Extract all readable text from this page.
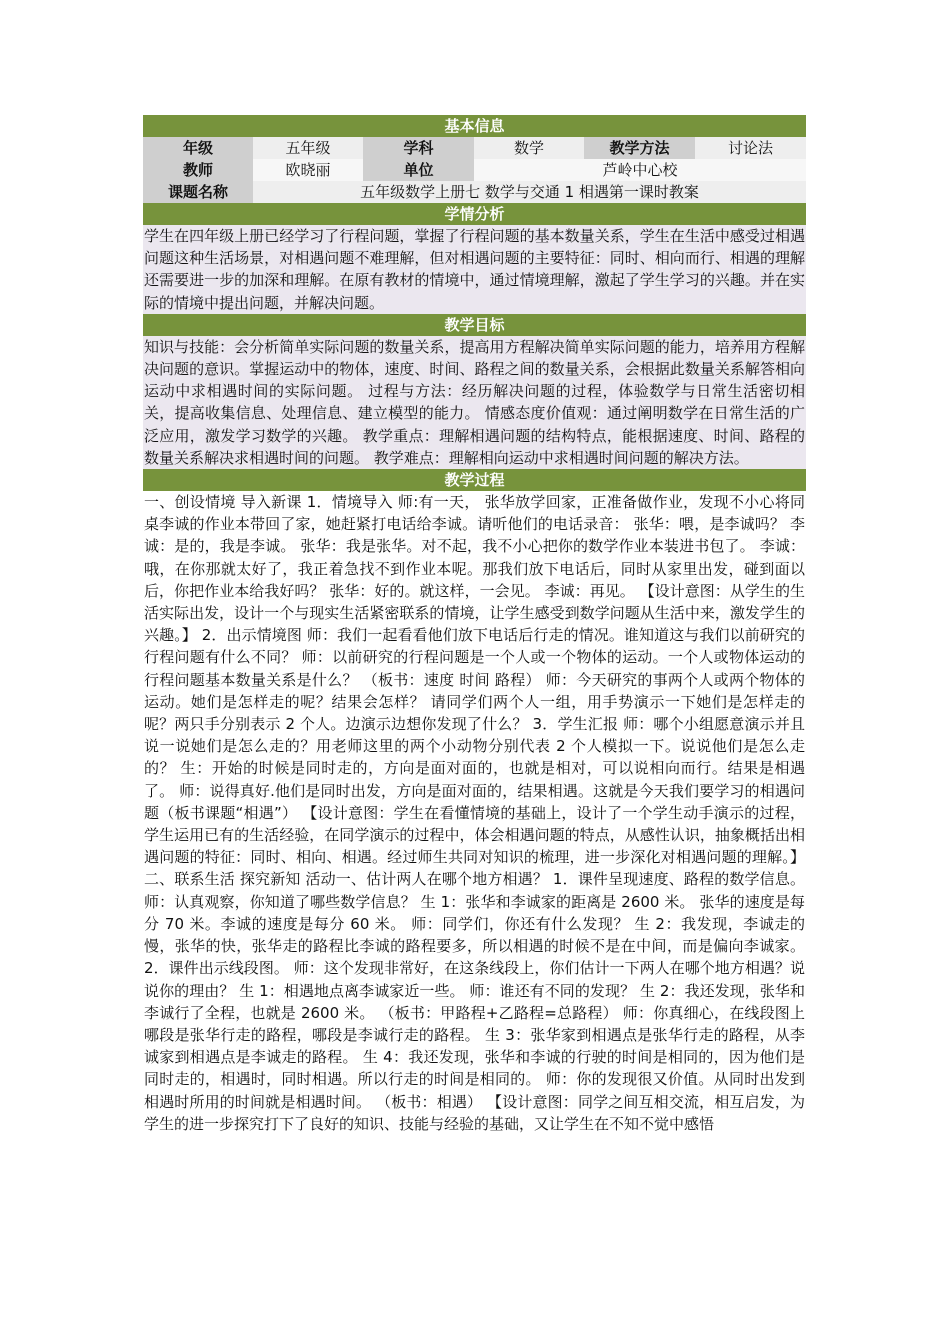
基本信息
年级	五年级	学科	数学	教学方法	讨论法
教师	欧晓丽	单位	芦岭中心校
课题名称	五年级数学上册七 数学与交通 1 相遇第一课时教案
学情分析
学生在四年级上册已经学习了行程问题，掌握了行程问题的基本数量关系，学生在生活中感受过相遇问题这种生活场景，对相遇问题不难理解，但对相遇问题的主要特征：同时、相向而行、相遇的理解还需要进一步的加深和理解。在原有教材的情境中，通过情境理解，激起了学生学习的兴趣。并在实际的情境中提出问题，并解决问题。
教学目标
知识与技能：会分析简单实际问题的数量关系，提高用方程解决简单实际问题的能力，培养用方程解决问题的意识。掌握运动中的物体，速度、时间、路程之间的数量关系，会根据此数量关系解答相向运动中求相遇时间的实际问题。 过程与方法：经历解决问题的过程，体验数学与日常生活密切相关，提高收集信息、处理信息、建立模型的能力。 情感态度价值观：通过阐明数学在日常生活的广泛应用，激发学习数学的兴趣。 教学重点：理解相遇问题的结构特点，能根据速度、时间、路程的数量关系解决求相遇时间的问题。 教学难点：理解相向运动中求相遇时间问题的解决方法。
教学过程
一、创设情境 导入新课 1．情境导入 师:有一天， 张华放学回家，正准备做作业，发现不小心将同桌李诚的作业本带回了家，她赶紧打电话给李诚。请听他们的电话录音： 张华：喂，是李诚吗？ 李诚：是的，我是李诚。 张华：我是张华。对不起，我不小心把你的数学作业本装进书包了。 李诚：哦，在你那就太好了，我正着急找不到作业本呢。那我们放下电话后，同时从家里出发，碰到面以后，你把作业本给我好吗？ 张华：好的。就这样，一会见。 李诚：再见。 【设计意图：从学生的生活实际出发，设计一个与现实生活紧密联系的情境，让学生感受到数学问题从生活中来，激发学生的兴趣。】 2．出示情境图 师：我们一起看看他们放下电话后行走的情况。谁知道这与我们以前研究的行程问题有什么不同？ 师：以前研究的行程问题是一个人或一个物体的运动。一个人或物体运动的行程问题基本数量关系是什么？ （板书：速度 时间 路程） 师：今天研究的事两个人或两个物体的运动。她们是怎样走的呢？结果会怎样？ 请同学们两个人一组，用手势演示一下她们是怎样走的呢？两只手分别表示 2 个人。边演示边想你发现了什么？ 3．学生汇报 师：哪个小组愿意演示并且说一说她们是怎么走的？用老师这里的两个小动物分别代表 2 个人模拟一下。说说他们是怎么走的？ 生：开始的时候是同时走的，方向是面对面的，也就是相对，可以说相向而行。结果是相遇了。 师：说得真好.他们是同时出发，方向是面对面的，结果相遇。这就是今天我们要学习的相遇问题（板书课题“相遇”） 【设计意图：学生在看懂情境的基础上，设计了一个学生动手演示的过程，学生运用已有的生活经验，在同学演示的过程中，体会相遇问题的特点，从感性认识，抽象概括出相遇问题的特征：同时、相向、相遇。经过师生共同对知识的梳理，进一步深化对相遇问题的理解。】 二、联系生活 探究新知 活动一、估计两人在哪个地方相遇？ 1．课件呈现速度、路程的数学信息。 师：认真观察，你知道了哪些数学信息？ 生 1：张华和李诚家的距离是 2600 米。 张华的速度是每分 70 米。李诚的速度是每分 60 米。 师：同学们，你还有什么发现？ 生 2：我发现，李诚走的慢，张华的快，张华走的路程比李诚的路程要多，所以相遇的时候不是在中间，而是偏向李诚家。 2．课件出示线段图。 师：这个发现非常好，在这条线段上，你们估计一下两人在哪个地方相遇？说说你的理由？ 生 1：相遇地点离李诚家近一些。 师：谁还有不同的发现？ 生 2：我还发现，张华和李诚行了全程，也就是 2600 米。 （板书：甲路程+乙路程=总路程） 师：你真细心，在线段图上哪段是张华行走的路程，哪段是李诚行走的路程。 生 3：张华家到相遇点是张华行走的路程，从李诚家到相遇点是李诚走的路程。 生 4：我还发现，张华和李诚的行驶的时间是相同的，因为他们是同时走的，相遇时，同时相遇。所以行走的时间是相同的。 师：你的发现很又价值。从同时出发到相遇时所用的时间就是相遇时间。 （板书：相遇） 【设计意图：同学之间互相交流，相互启发，为学生的进一步探究打下了良好的知识、技能与经验的基础，又让学生在不知不觉中感悟
